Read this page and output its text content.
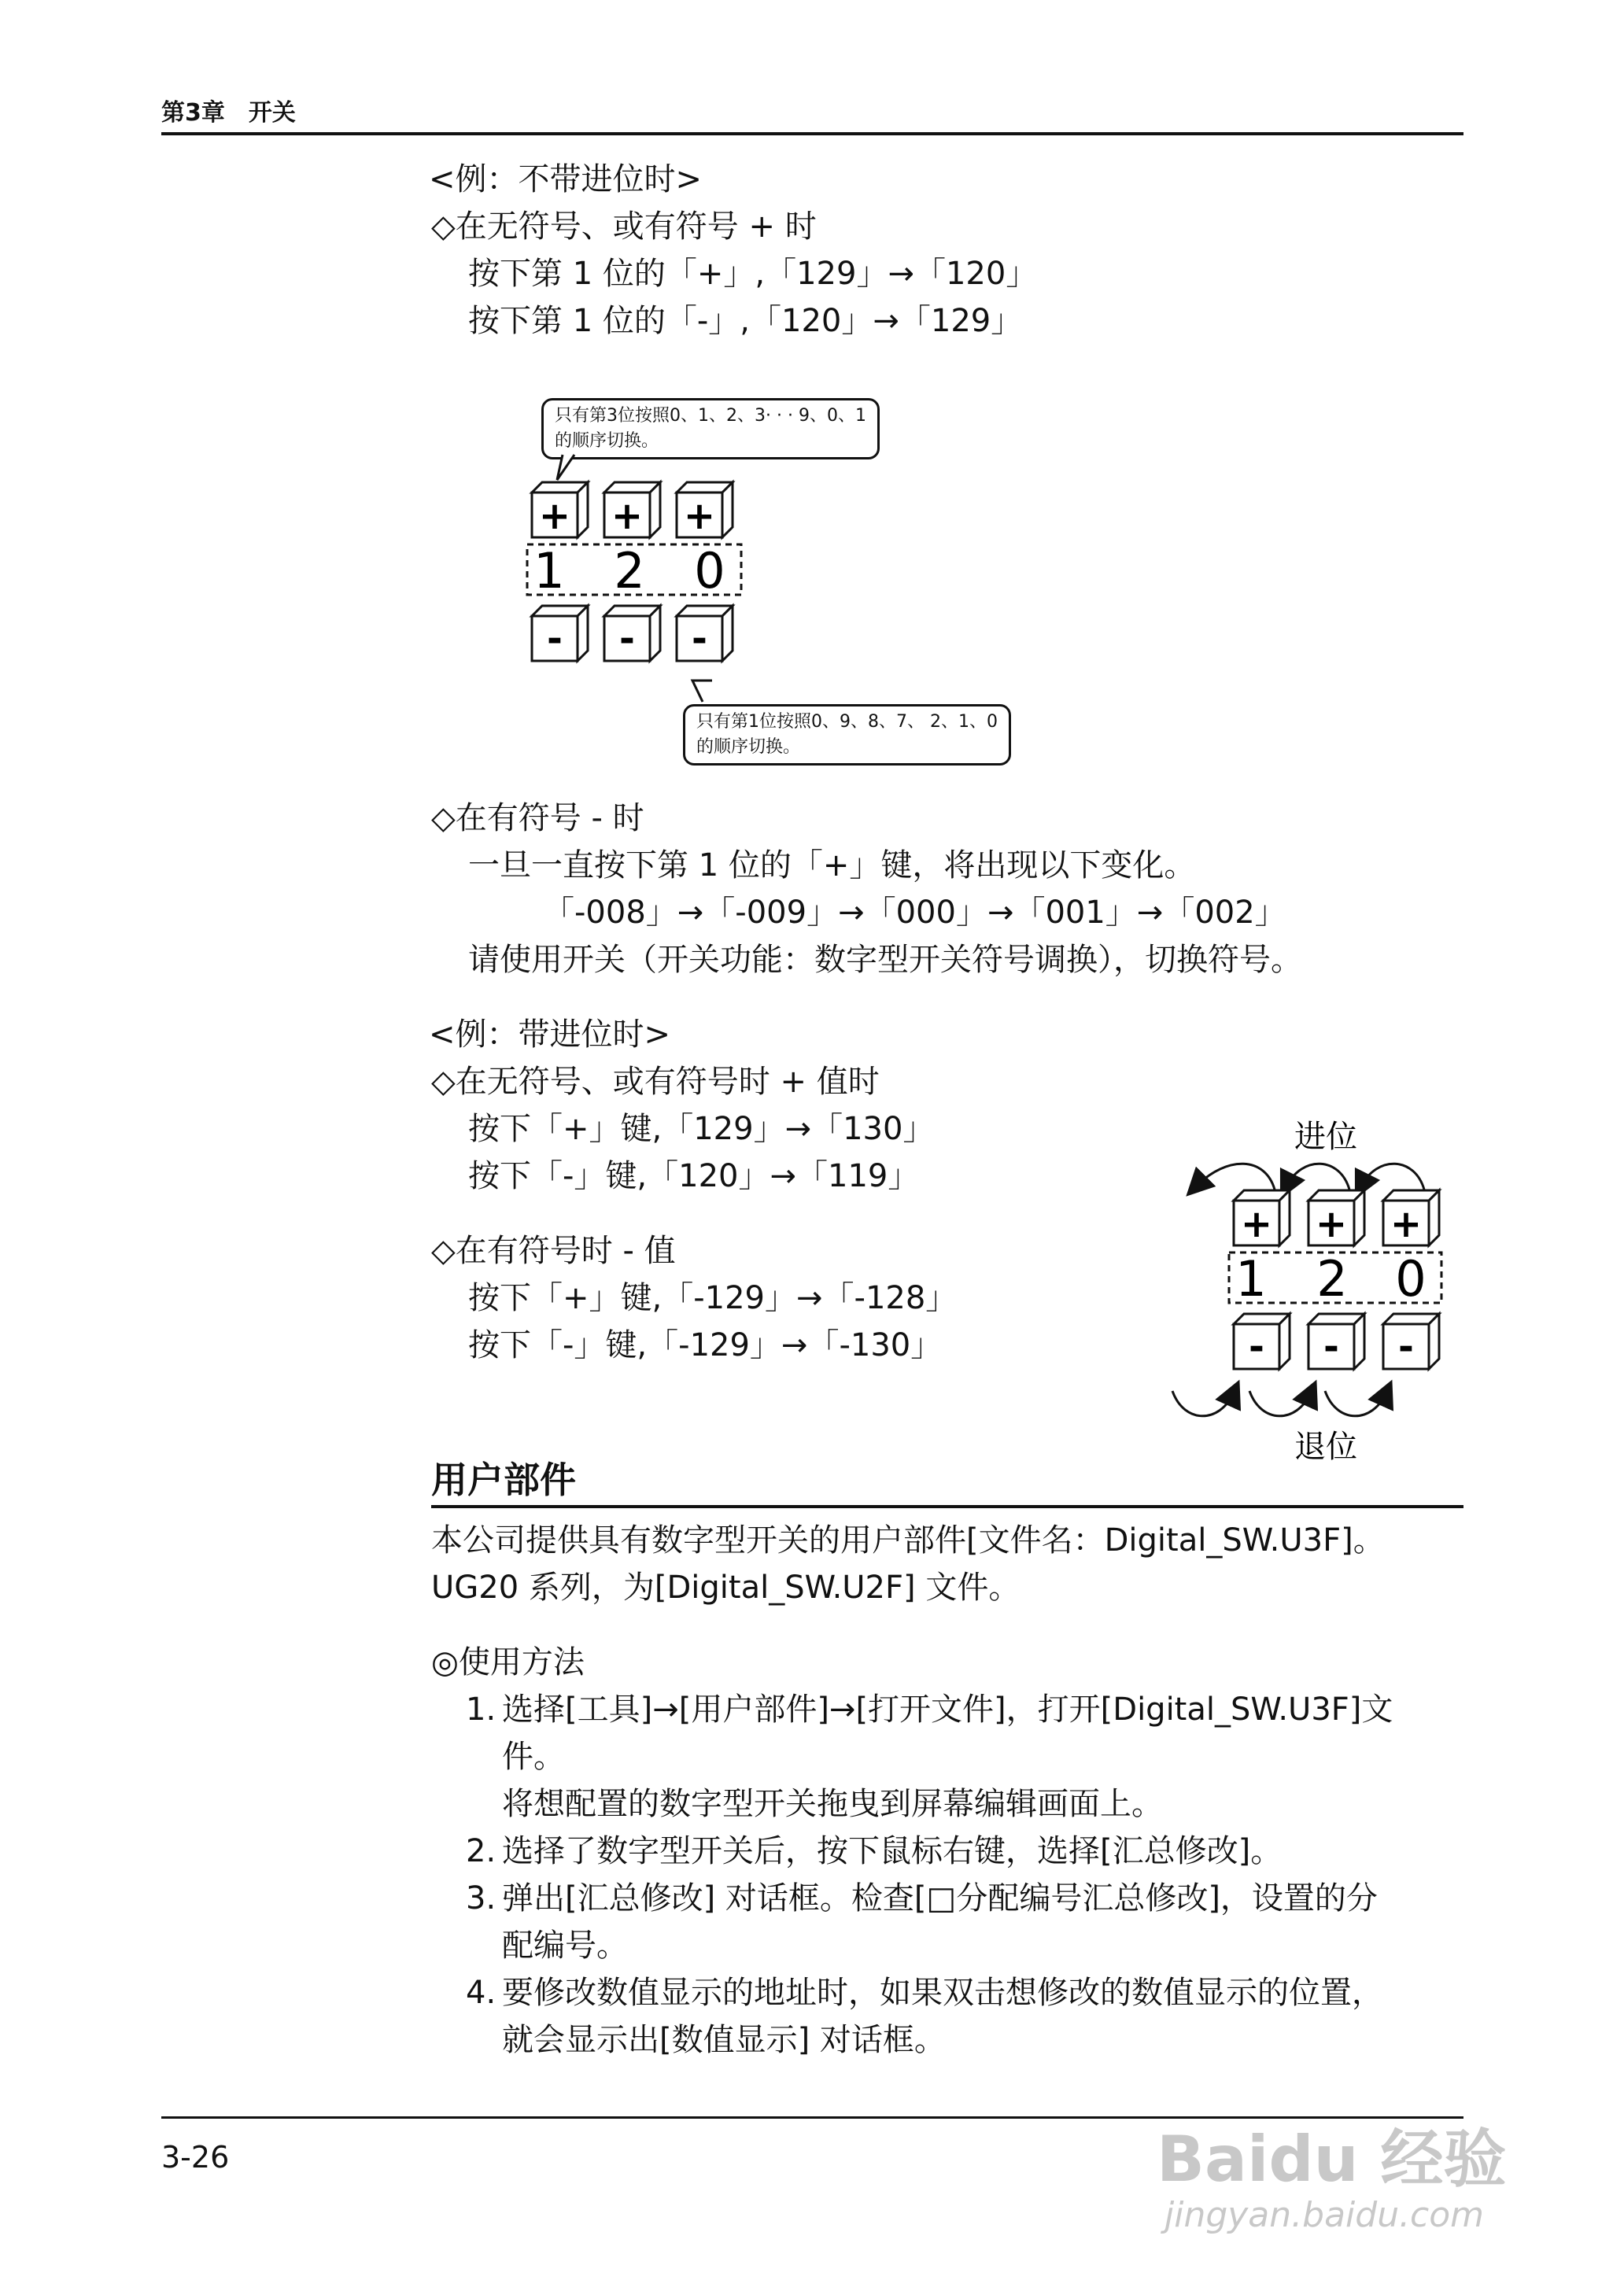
第3章　开关
<例：不带进位时>
◇在无符号、或有符号 + 时
按下第 1 位的「+」,「129」→「120」
按下第 1 位的「-」,「120」→「129」
只有第3位按照0、1、2、3· · · 9、0、1
的顺序切换。
只有第1位按照0、9、8、7、 2、1、0
的顺序切换。
+ + +
1 2 0
- - -
◇在有符号 - 时
一旦一直按下第 1 位的「+」键，将出现以下变化。
「-008」→「-009」→「000」→「001」→「002」
请使用开关（开关功能：数字型开关符号调换），切换符号。
<例：带进位时>
◇在无符号、或有符号时 + 值时
按下「+」键,「129」→「130」
按下「-」键,「120」→「119」
◇在有符号时 - 值
按下「+」键,「-129」→「-128」
按下「-」键,「-129」→「-130」
进位
退位
+ + +
1 2 0
- - -
用户部件
本公司提供具有数字型开关的用户部件[文件名：Digital_SW.U3F]。
UG20 系列，为[Digital_SW.U2F] 文件。
◎使用方法
1. 选择[工具]→[用户部件]→[打开文件]，打开[Digital_SW.U3F]文
件。
将想配置的数字型开关拖曳到屏幕编辑画面上。
2. 选择了数字型开关后，按下鼠标右键，选择[汇总修改]。
3. 弹出[汇总修改] 对话框。检查[□分配编号汇总修改]，设置的分
配编号。
4. 要修改数值显示的地址时，如果双击想修改的数值显示的位置，
就会显示出[数值显示] 对话框。
3-26	Baidu 经验
jingyan.baidu.com
